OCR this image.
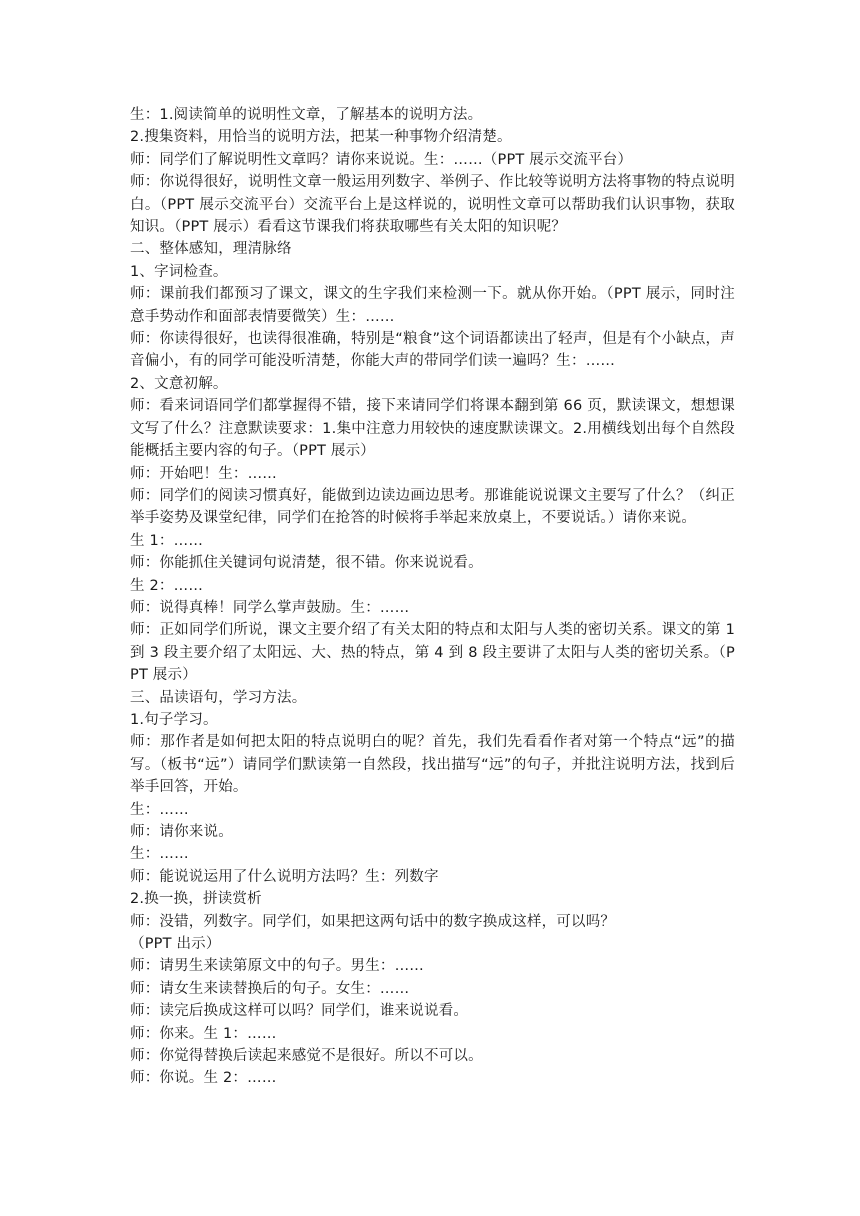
生：1.阅读简单的说明性文章，了解基本的说明方法。

2.搜集资料，用恰当的说明方法，把某一种事物介绍清楚。

师：同学们了解说明性文章吗？请你来说说。生：……（PPT 展示交流平台）

师：你说得很好，说明性文章一般运用列数字、举例子、作比较等说明方法将事物的特点说明白。（PPT 展示交流平台）交流平台上是这样说的，说明性文章可以帮助我们认识事物，获取知识。（PPT 展示）看看这节课我们将获取哪些有关太阳的知识呢？

二、整体感知，理清脉络

1、字词检查。

师：课前我们都预习了课文，课文的生字我们来检测一下。就从你开始。（PPT 展示，同时注意手势动作和面部表情要微笑）生：……

师：你读得很好，也读得很准确，特别是“粮食”这个词语都读出了轻声，但是有个小缺点，声音偏小，有的同学可能没听清楚，你能大声的带同学们读一遍吗？生：……

2、文意初解。

师：看来词语同学们都掌握得不错，接下来请同学们将课本翻到第 66 页，默读课文，想想课文写了什么？注意默读要求：1.集中注意力用较快的速度默读课文。2.用横线划出每个自然段能概括主要内容的句子。（PPT 展示）

师：开始吧！生：……

师：同学们的阅读习惯真好，能做到边读边画边思考。那谁能说说课文主要写了什么？（纠正举手姿势及课堂纪律，同学们在抢答的时候将手举起来放桌上，不要说话。）请你来说。

生 1：……

师：你能抓住关键词句说清楚，很不错。你来说说看。

生 2：……

师：说得真棒！同学么掌声鼓励。生：……

师：正如同学们所说，课文主要介绍了有关太阳的特点和太阳与人类的密切关系。课文的第 1 到 3 段主要介绍了太阳远、大、热的特点，第 4 到 8 段主要讲了太阳与人类的密切关系。（PPT 展示）

三、品读语句，学习方法。

1.句子学习。

师：那作者是如何把太阳的特点说明白的呢？首先，我们先看看作者对第一个特点“远”的描写。（板书“远”）请同学们默读第一自然段，找出描写“远”的句子，并批注说明方法，找到后举手回答，开始。

生：……

师：请你来说。

生：……

师：能说说运用了什么说明方法吗？生：列数字

2.换一换，拼读赏析

师：没错，列数字。同学们，如果把这两句话中的数字换成这样，可以吗？

（PPT 出示）

师：请男生来读第原文中的句子。男生：……

师：请女生来读替换后的句子。女生：……

师：读完后换成这样可以吗？同学们，谁来说说看。

师：你来。生 1：……

师：你觉得替换后读起来感觉不是很好。所以不可以。

师：你说。生 2：……
